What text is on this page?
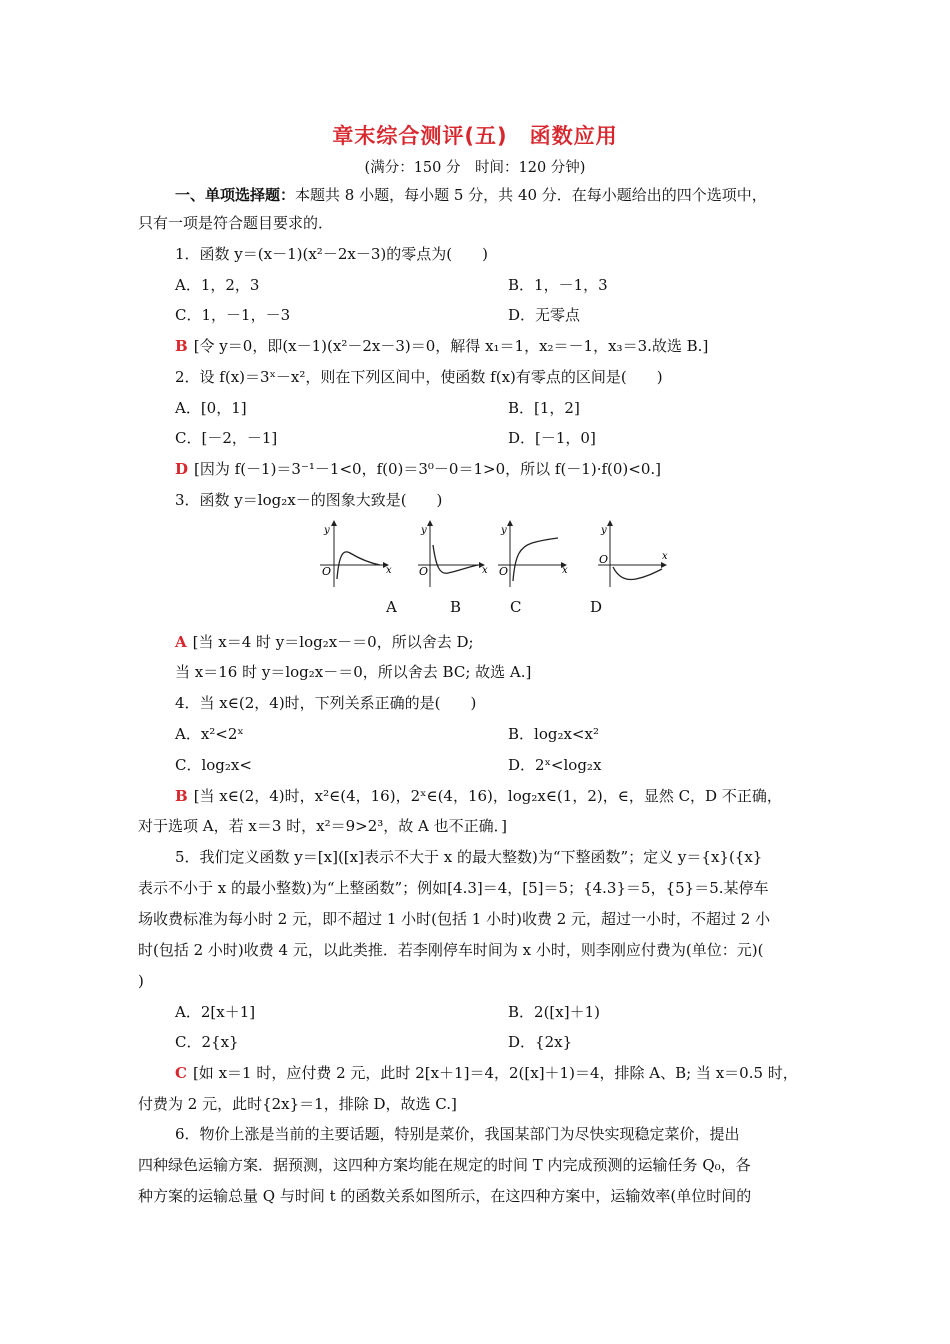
章末综合测评(五)　函数应用
(满分：150 分　时间：120 分钟)
一、单项选择题：本题共 8 小题，每小题 5 分，共 40 分．在每小题给出的四个选项中，
只有一项是符合题目要求的．
1．函数 y＝(x－1)(x²－2x－3)的零点为(　　)
A．1，2，3	B．1，－1，3
C．1，－1，－3	D．无零点
B [令 y＝0，即(x－1)(x²－2x－3)＝0，解得 x₁＝1，x₂＝－1，x₃＝3.故选 B.]
2．设 f(x)＝3ˣ－x²，则在下列区间中，使函数 f(x)有零点的区间是(　　)
A．[0，1]	B．[1，2]
C．[－2，－1]	D．[－1，0]
D [因为 f(－1)＝3⁻¹－1<0，f(0)＝3⁰－0＝1>0，所以 f(－1)·f(0)<0.]
3．函数 y＝log₂x－的图象大致是(　　)
y
x
O
y
x
O
y
x
O
y
x
O
A	B	C	D
A [当 x＝4 时 y＝log₂x－＝0，所以舍去 D;
当 x＝16 时 y＝log₂x－＝0，所以舍去 BC; 故选 A.]
4．当 x∈(2，4)时，下列关系正确的是(　　)
A．x²<2ˣ	B．log₂x<x²
C．log₂x<	D．2ˣ<log₂x
B [当 x∈(2，4)时，x²∈(4，16)，2ˣ∈(4，16)，log₂x∈(1，2)，∈，显然 C，D 不正确，
对于选项 A，若 x＝3 时，x²＝9>2³，故 A 也不正确．]
5．我们定义函数 y＝[x]([x]表示不大于 x 的最大整数)为“下整函数”；定义 y＝{x}({x}
表示不小于 x 的最小整数)为“上整函数”；例如[4.3]＝4，[5]＝5；{4.3}＝5，{5}＝5.某停车
场收费标准为每小时 2 元，即不超过 1 小时(包括 1 小时)收费 2 元，超过一小时，不超过 2 小
时(包括 2 小时)收费 4 元，以此类推．若李刚停车时间为 x 小时，则李刚应付费为(单位：元)(
)
A．2[x＋1]	B．2([x]＋1)
C．2{x}	D．{2x}
C [如 x＝1 时，应付费 2 元，此时 2[x＋1]＝4，2([x]＋1)＝4，排除 A、B; 当 x＝0.5 时，
付费为 2 元，此时{2x}＝1，排除 D，故选 C.]
6．物价上涨是当前的主要话题，特别是菜价，我国某部门为尽快实现稳定菜价，提出
四种绿色运输方案．据预测，这四种方案均能在规定的时间 T 内完成预测的运输任务 Q₀，各
种方案的运输总量 Q 与时间 t 的函数关系如图所示，在这四种方案中，运输效率(单位时间的
